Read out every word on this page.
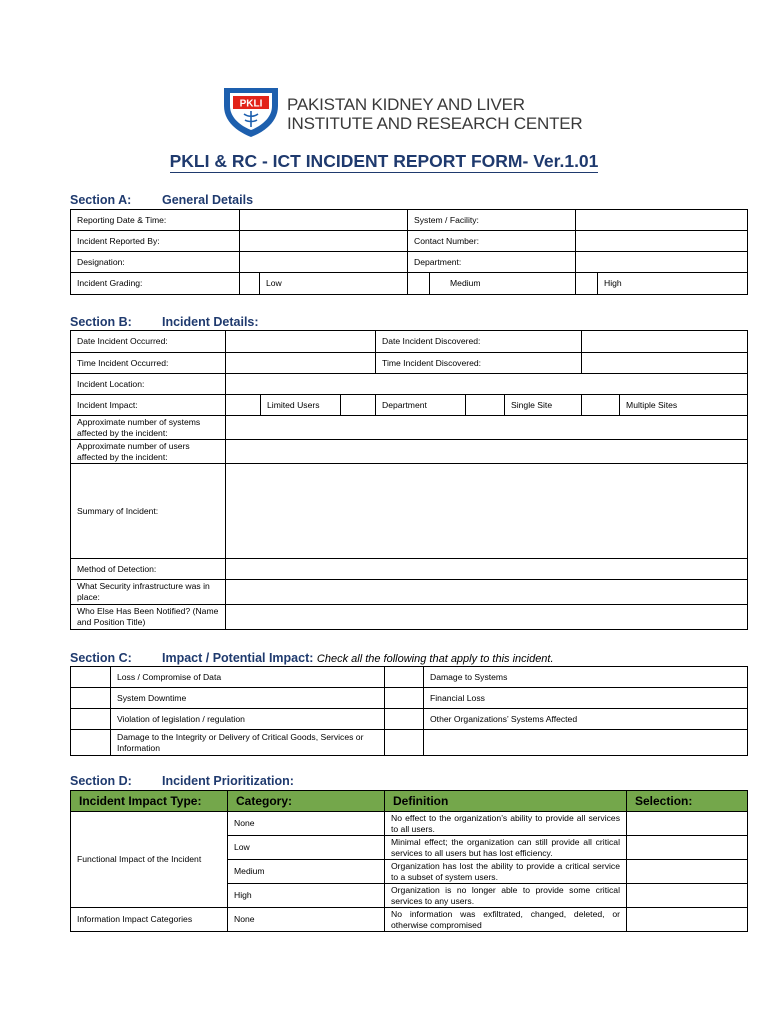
PKLI PAKISTAN KIDNEY AND LIVER
INSTITUTE AND RESEARCH CENTER
PKLI & RC - ICT INCIDENT REPORT FORM- Ver.1.01
Section A: General Details
Reporting Date & Time:			System / Facility:			
Incident Reported By:			Contact Number:			
Designation:			Department:			
Incident Grading:		Low		Medium		High
Section B: Incident Details:
Date Incident Occurred:				Date Incident Discovered:				
Time Incident Occurred:				Time Incident Discovered:				
Incident Location:								
Incident Impact:		Limited Users		Department		Single Site		Multiple Sites
Approximate number of systems affected by the incident:								
Approximate number of users affected by the incident:								
Summary of Incident:								
Method of Detection:								
What Security infrastructure was in place:								
Who Else Has Been Notified? (Name and Position Title)								
Section C: Impact / Potential Impact: Check all the following that apply to this incident.
	Loss / Compromise of Data		Damage to Systems
	System Downtime		Financial Loss
	Violation of legislation / regulation		Other Organizations’ Systems Affected
	Damage to the Integrity or Delivery of Critical Goods, Services or Information		
Section D: Incident Prioritization:
Incident Impact Type:	Category:	Definition	Selection:
Functional Impact of the Incident	None	No effect to the organization’s ability to provide all services to all users.	
	Low	Minimal effect; the organization can still provide all critical services to all users but has lost efficiency.	
	Medium	Organization has lost the ability to provide a critical service to a subset of system users.	
	High	Organization is no longer able to provide some critical services to any users.	
Information Impact Categories	None	No information was exfiltrated, changed, deleted, or otherwise compromised	
